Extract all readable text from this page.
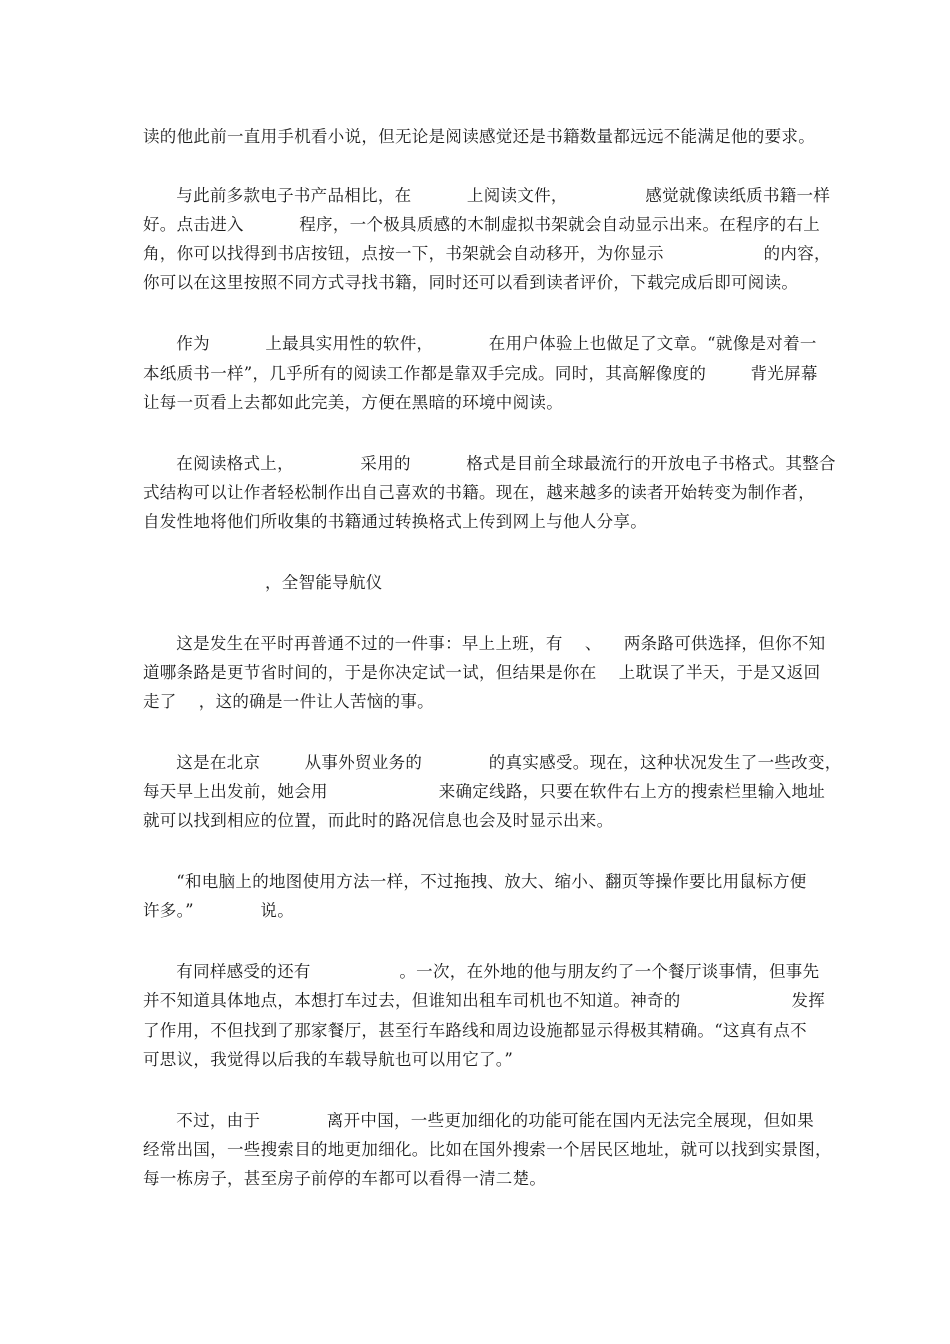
读的他此前一直用手机看小说，但无论是阅读感觉还是书籍数量都远远不能满足他的要求。
与此前多款电子书产品相比，在          上阅读文件，              感觉就像读纸质书籍一样
好。点击进入          程序，一个极具质感的木制虚拟书架就会自动显示出来。在程序的右上
角，你可以找得到书店按钮，点按一下，书架就会自动移开，为你显示                  的内容，
你可以在这里按照不同方式寻找书籍，同时还可以看到读者评价，下载完成后即可阅读。
作为          上最具实用性的软件，          在用户体验上也做足了文章。“就像是对着一
本纸质书一样”，几乎所有的阅读工作都是靠双手完成。同时，其高解像度的        背光屏幕
让每一页看上去都如此完美，方便在黑暗的环境中阅读。
在阅读格式上，            采用的          格式是目前全球最流行的开放电子书格式。其整合
式结构可以让作者轻松制作出自己喜欢的书籍。现在，越来越多的读者开始转变为制作者，
自发性地将他们所收集的书籍通过转换格式上传到网上与他人分享。
，全智能导航仪
这是发生在平时再普通不过的一件事：早上上班，有    、    两条路可供选择，但你不知
道哪条路是更节省时间的，于是你决定试一试，但结果是你在    上耽误了半天，于是又返回
走了    ，这的确是一件让人苦恼的事。
这是在北京        从事外贸业务的            的真实感受。现在，这种状况发生了一些改变，
每天早上出发前，她会用                    来确定线路，只要在软件右上方的搜索栏里输入地址
就可以找到相应的位置，而此时的路况信息也会及时显示出来。
“和电脑上的地图使用方法一样，不过拖拽、放大、缩小、翻页等操作要比用鼠标方便
许多。”            说。
有同样感受的还有                。一次，在外地的他与朋友约了一个餐厅谈事情，但事先
并不知道具体地点，本想打车过去，但谁知出租车司机也不知道。神奇的                    发挥
了作用，不但找到了那家餐厅，甚至行车路线和周边设施都显示得极其精确。“这真有点不
可思议，我觉得以后我的车载导航也可以用它了。”
不过，由于            离开中国，一些更加细化的功能可能在国内无法完全展现，但如果
经常出国，一些搜索目的地更加细化。比如在国外搜索一个居民区地址，就可以找到实景图，
每一栋房子，甚至房子前停的车都可以看得一清二楚。
